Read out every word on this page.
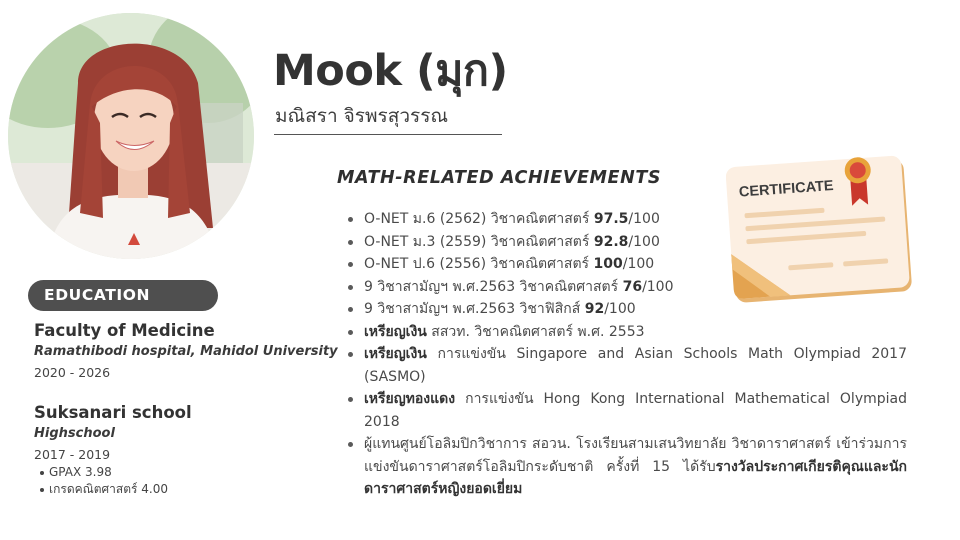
Mook (มุก)
มณิสรา จิรพรสุวรรณ
MATH-RELATED ACHIEVEMENTS
O-NET ม.6 (2562) วิชาคณิตศาสตร์ 97.5/100
O-NET ม.3 (2559) วิชาคณิตศาสตร์ 92.8/100
O-NET ป.6 (2556) วิชาคณิตศาสตร์ 100/100
9 วิชาสามัญฯ พ.ศ.2563 วิชาคณิตศาสตร์ 76/100
9 วิชาสามัญฯ พ.ศ.2563 วิชาฟิสิกส์ 92/100
เหรียญเงิน สสวท. วิชาคณิตศาสตร์ พ.ศ. 2553
เหรียญเงิน การแข่งขัน Singapore and Asian Schools Math Olympiad 2017 (SASMO)
เหรียญทองแดง การแข่งขัน Hong Kong International Mathematical Olympiad 2018
ผู้แทนศูนย์โอลิมปิกวิชาการ สอวน. โรงเรียนสามเสนวิทยาลัย วิชาดาราศาสตร์ เข้าร่วมการแข่งขันดาราศาสตร์โอลิมปิกระดับชาติ ครั้งที่ 15 ได้รับรางวัลประกาศเกียรติคุณและนักดาราศาสตร์หญิงยอดเยี่ยม
CERTIFICATE
EDUCATION
Faculty of Medicine
Ramathibodi hospital, Mahidol University
2020 - 2026
Suksanari school
Highschool
2017 - 2019
GPAX 3.98
เกรดคณิตศาสตร์ 4.00
